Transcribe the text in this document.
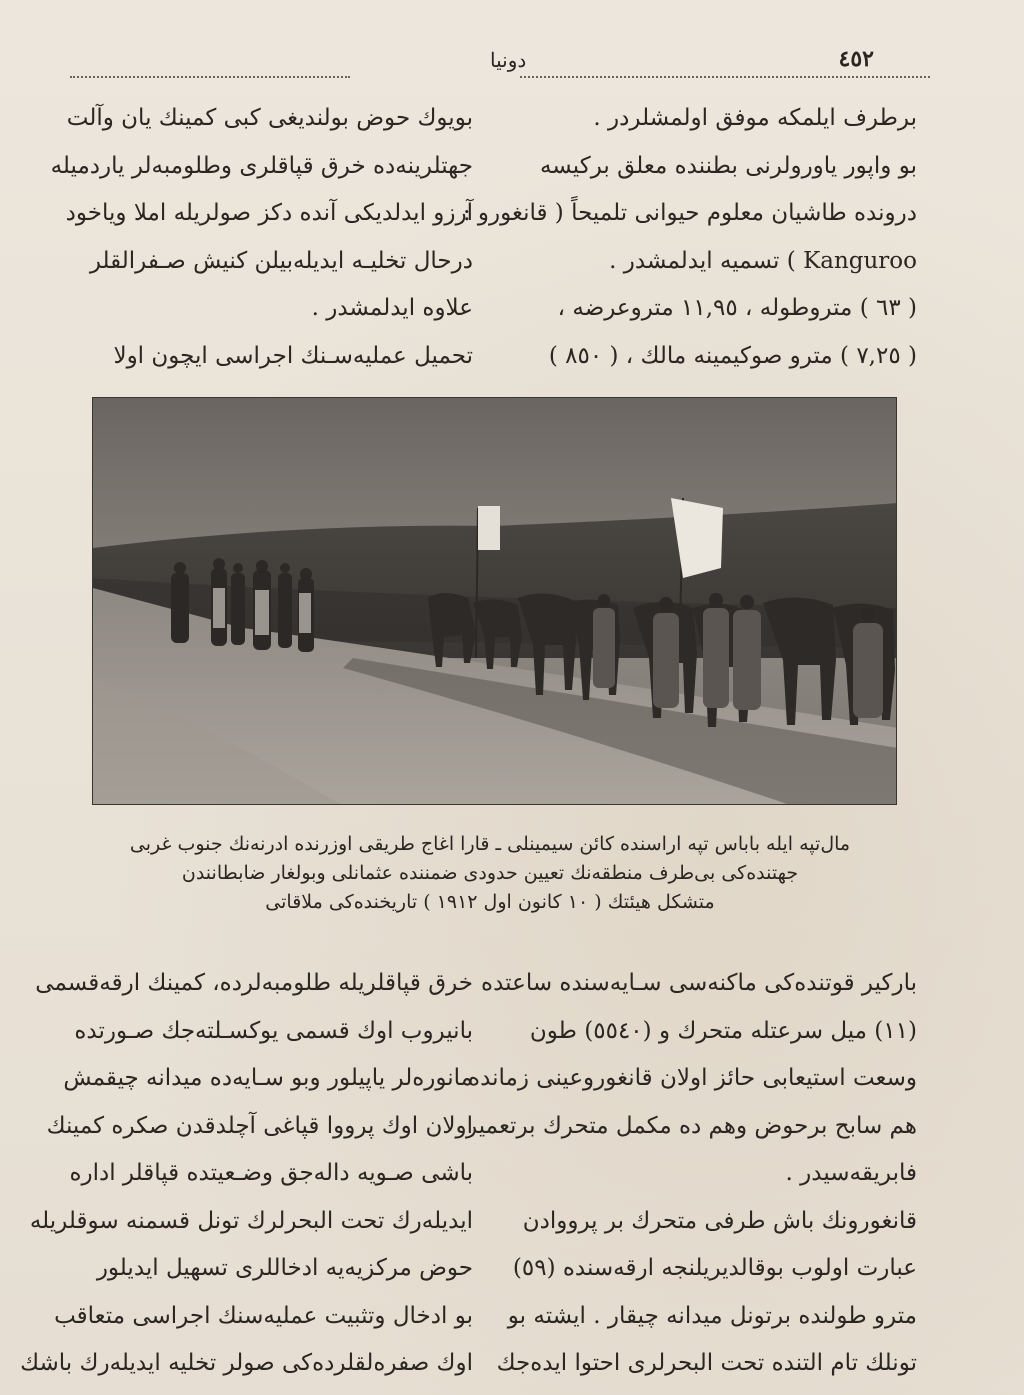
٤٥٢
دونیا

برطرف ایلمکه موفق اولمشلردر .

بو واپور یاورولرنی بطننده معلق برکیسه

درونده طاشیان معلوم حیوانی تلمیحاً ( قانغورو :

Kanguroo ) تسمیه ایدلمشدر .

( ٦٣ ) متروطوله ، ١١,٩٥ متروعرضه ،

( ٧,٢٥ ) مترو صوکیمینه مالك ، ( ٨٥٠ )

بویوك حوض بولندیغی کبی کمینك یان وآلت

جهتلرینه‌ده خرق قپاقلری وطلومبه‌لر یاردمیله

آرزو ایدلدیکی آنده دکز صولریله املا ویاخود

درحال تخلیـه ایدیله‌بیلن کنیش صـفرالقلر

علاوه ایدلمشدر .

تحمیل عملیه‌سـنك اجراسی ایچون اولا

مال‌تپه ایله باباس تپه اراسنده کائن سیمینلی ـ قارا اغاج طریقی اوزرنده ادرنه‌نك جنوب غربی

جهتنده‌کی بی‌طرف منطقه‌نك تعیین حدودی ضمننده عثمانلی وبولغار ضابطانندن

متشکل هیئتك ( ١٠ کانون اول ١٩١٢ ) تاریخنده‌کی ملاقاتی

بارکیر قوتنده‌کی ماکنه‌سی سـایه‌سنده ساعتده

(١١) میل سرعتله متحرك و (٥٥٤٠) طون

وسعت استیعابی حائز اولان قانغوروعینی زمانده

هم سابح برحوض وهم ده مکمل متحرك برتعمیر

فابریقه‌سیدر .

قانغورونك باش طرفی متحرك بر پرووادن

عبارت اولوب بوقالدیریلنجه ارقه‌سنده (٥٩)

مترو طولنده برتونل میدانه چیقار . ایشته بو

تونلك تام التنده تحت البحرلری احتوا ایده‌جك

خرق قپاقلریله طلومبه‌لرده، کمینك ارقه‌قسمی

بانیروب اوك قسمی یوکسـلته‌جك صـورتده

مانوره‌لر یاپیلور وبو سـایه‌ده میدانه چیقمش

اولان اوك پرووا قپاغی آچلدقدن صکره کمینك

باشی صـویه داله‌جق وضـعیتده قپاقلر اداره

ایدیله‌رك تحت البحرلرك تونل قسمنه سوقلریله

حوض مرکزیه‌یه ادخاللری تسهیل ایدیلور

بو ادخال وتثبیت عملیه‌سنك اجراسی متعاقب

اوك صفره‌لقلرده‌کی صولر تخلیه ایدیله‌رك باشك
